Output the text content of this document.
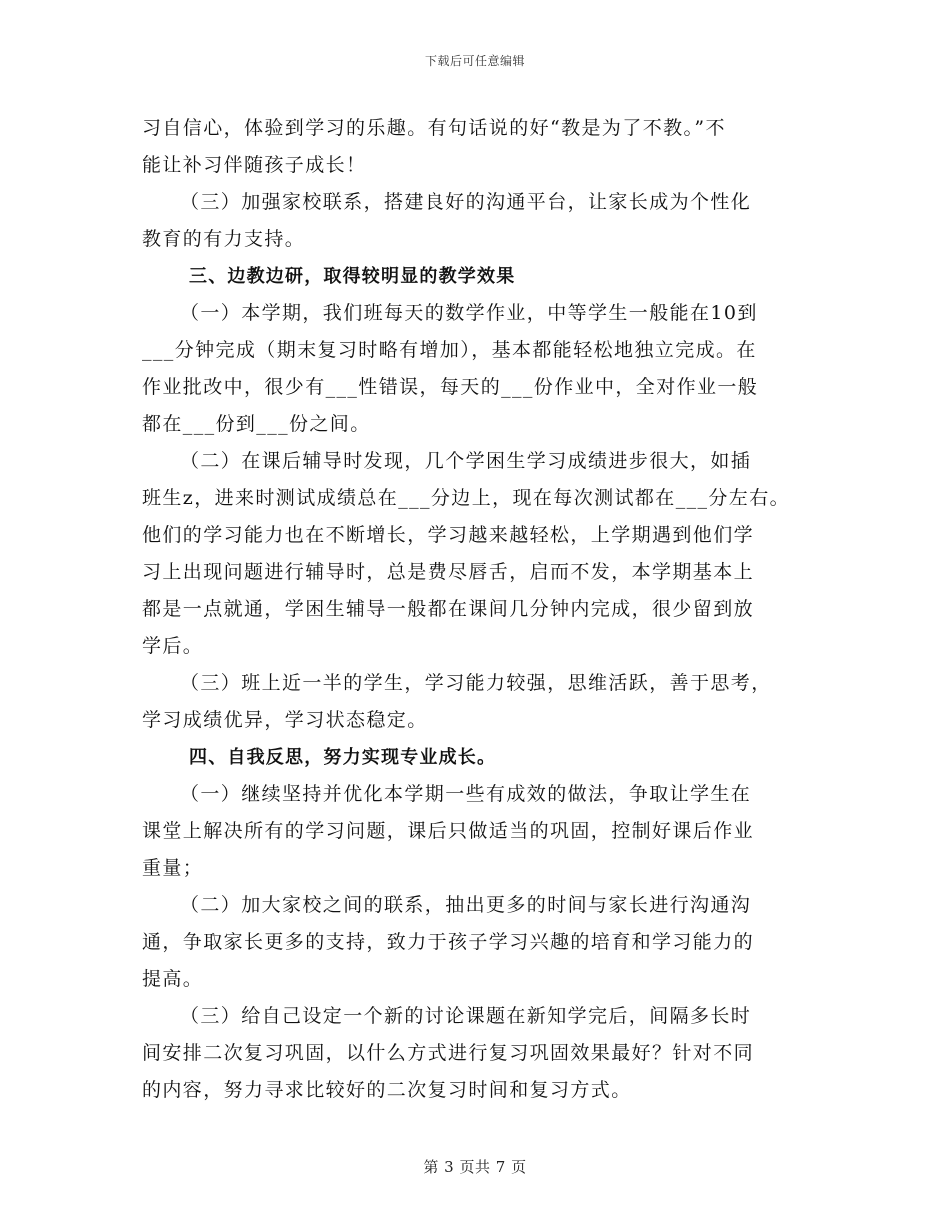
下载后可任意编辑
习自信心，体验到学习的乐趣。有句话说的好“教是为了不教。”不
能让补习伴随孩子成长！
（三）加强家校联系，搭建良好的沟通平台，让家长成为个性化
教育的有力支持。
三、边教边研，取得较明显的教学效果
（一）本学期，我们班每天的数学作业，中等学生一般能在10到
___分钟完成（期末复习时略有增加），基本都能轻松地独立完成。在
作业批改中，很少有___性错误，每天的___份作业中，全对作业一般
都在___份到___份之间。
（二）在课后辅导时发现，几个学困生学习成绩进步很大，如插
班生z，进来时测试成绩总在___分边上，现在每次测试都在___分左右。
他们的学习能力也在不断增长，学习越来越轻松，上学期遇到他们学
习上出现问题进行辅导时，总是费尽唇舌，启而不发，本学期基本上
都是一点就通，学困生辅导一般都在课间几分钟内完成，很少留到放
学后。
（三）班上近一半的学生，学习能力较强，思维活跃，善于思考，
学习成绩优异，学习状态稳定。
四、自我反思，努力实现专业成长。
（一）继续坚持并优化本学期一些有成效的做法，争取让学生在
课堂上解决所有的学习问题，课后只做适当的巩固，控制好课后作业
重量；
（二）加大家校之间的联系，抽出更多的时间与家长进行沟通沟
通，争取家长更多的支持，致力于孩子学习兴趣的培育和学习能力的
提高。
（三）给自己设定一个新的讨论课题在新知学完后，间隔多长时
间安排二次复习巩固，以什么方式进行复习巩固效果最好？针对不同
的内容，努力寻求比较好的二次复习时间和复习方式。
第 3 页共 7 页
